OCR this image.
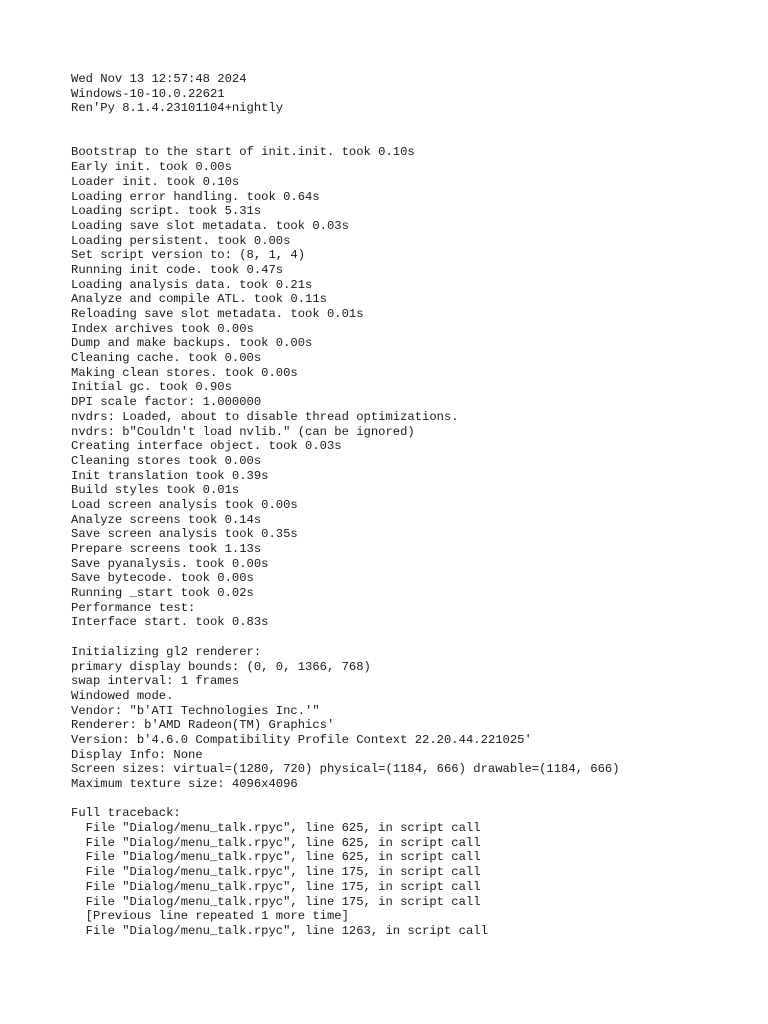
Wed Nov 13 12:57:48 2024
Windows-10-10.0.22621
Ren'Py 8.1.4.23101104+nightly
Bootstrap to the start of init.init. took 0.10s
Early init. took 0.00s
Loader init. took 0.10s
Loading error handling. took 0.64s
Loading script. took 5.31s
Loading save slot metadata. took 0.03s
Loading persistent. took 0.00s
Set script version to: (8, 1, 4)
Running init code. took 0.47s
Loading analysis data. took 0.21s
Analyze and compile ATL. took 0.11s
Reloading save slot metadata. took 0.01s
Index archives took 0.00s
Dump and make backups. took 0.00s
Cleaning cache. took 0.00s
Making clean stores. took 0.00s
Initial gc. took 0.90s
DPI scale factor: 1.000000
nvdrs: Loaded, about to disable thread optimizations.
nvdrs: b"Couldn't load nvlib." (can be ignored)
Creating interface object. took 0.03s
Cleaning stores took 0.00s
Init translation took 0.39s
Build styles took 0.01s
Load screen analysis took 0.00s
Analyze screens took 0.14s
Save screen analysis took 0.35s
Prepare screens took 1.13s
Save pyanalysis. took 0.00s
Save bytecode. took 0.00s
Running _start took 0.02s
Performance test:
Interface start. took 0.83s
Initializing gl2 renderer:
primary display bounds: (0, 0, 1366, 768)
swap interval: 1 frames
Windowed mode.
Vendor: "b'ATI Technologies Inc.'"
Renderer: b'AMD Radeon(TM) Graphics'
Version: b'4.6.0 Compatibility Profile Context 22.20.44.221025'
Display Info: None
Screen sizes: virtual=(1280, 720) physical=(1184, 666) drawable=(1184, 666)
Maximum texture size: 4096x4096
Full traceback:
File "Dialog/menu_talk.rpyc", line 625, in script call
File "Dialog/menu_talk.rpyc", line 625, in script call
File "Dialog/menu_talk.rpyc", line 625, in script call
File "Dialog/menu_talk.rpyc", line 175, in script call
File "Dialog/menu_talk.rpyc", line 175, in script call
File "Dialog/menu_talk.rpyc", line 175, in script call
[Previous line repeated 1 more time]
File "Dialog/menu_talk.rpyc", line 1263, in script call
